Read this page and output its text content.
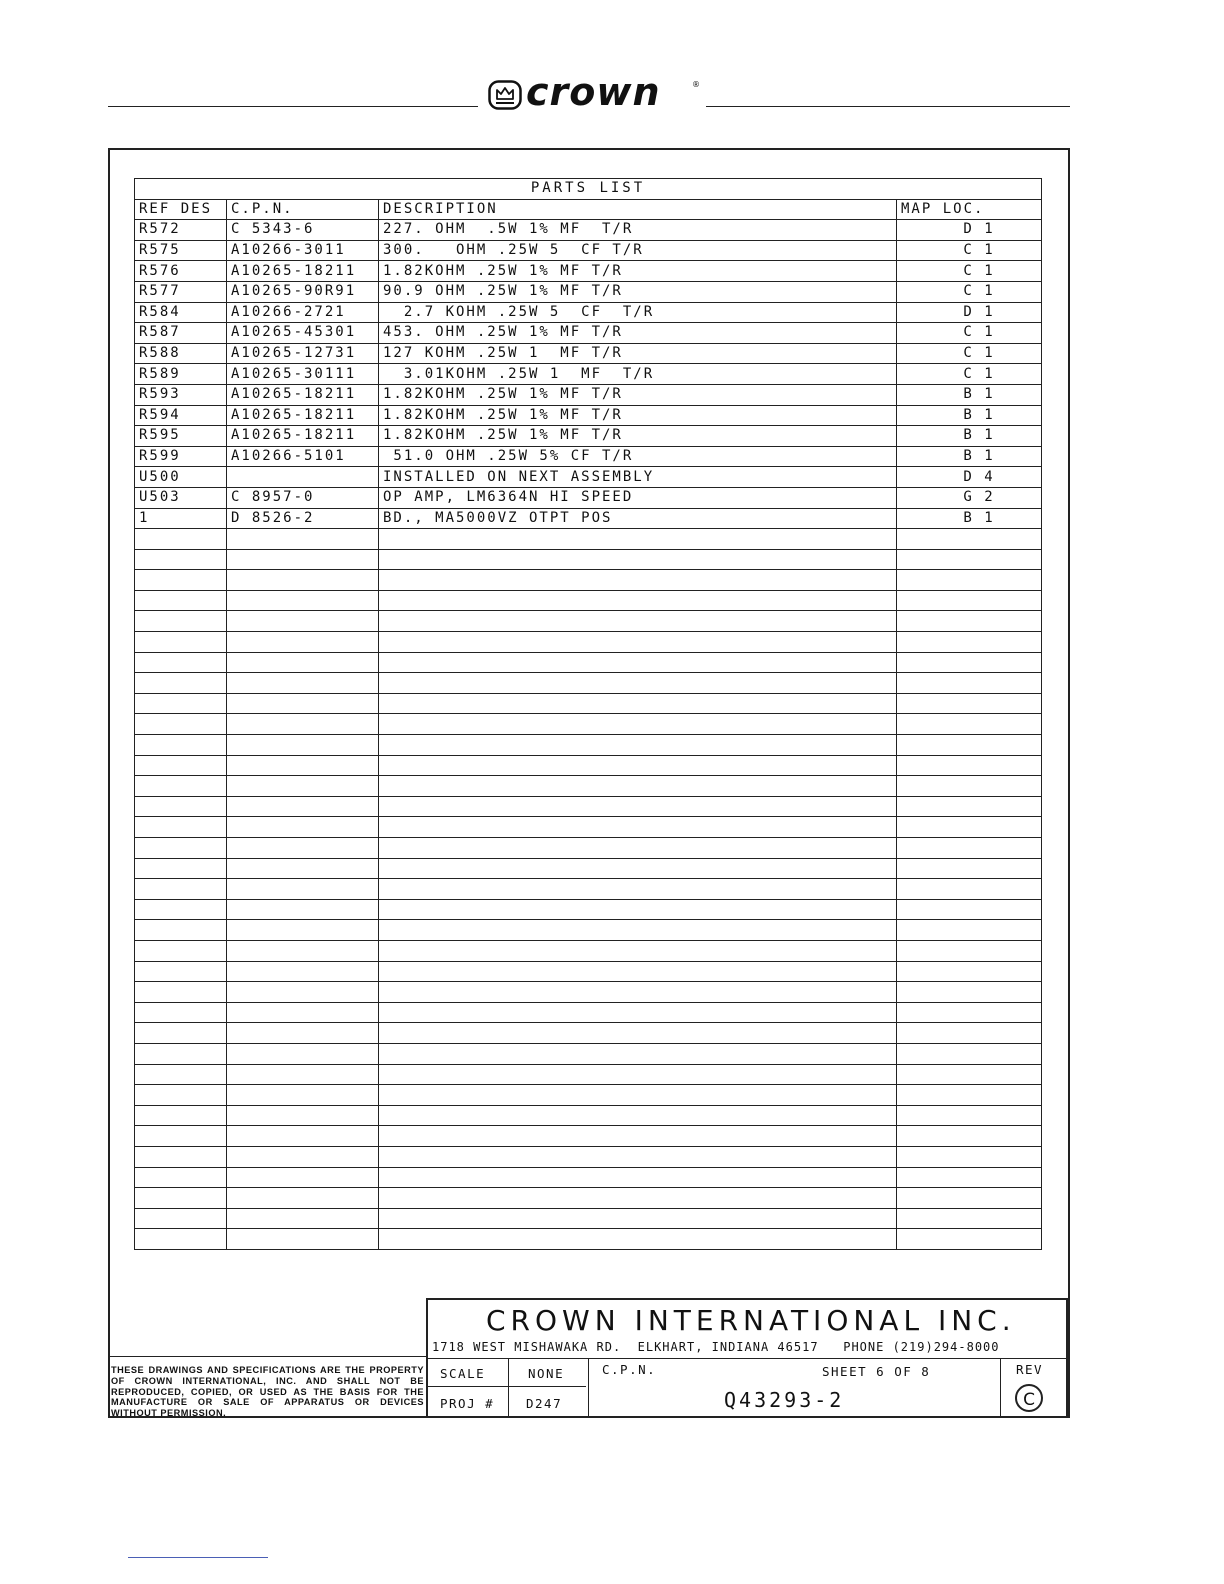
crown	®
PARTS LIST			
REF DES	C.P.N.	DESCRIPTION	MAP LOC.
R572	C 5343-6	227. OHM  .5W 1% MF  T/R	D 1
R575	A10266-3011	300.   OHM .25W 5  CF T/R	C 1
R576	A10265-18211	1.82KOHM .25W 1% MF T/R	C 1
R577	A10265-90R91	90.9 OHM .25W 1% MF T/R	C 1
R584	A10266-2721	2.7 KOHM .25W 5  CF  T/R	D 1
R587	A10265-45301	453. OHM .25W 1% MF T/R	C 1
R588	A10265-12731	127 KOHM .25W 1  MF T/R	C 1
R589	A10265-30111	3.01KOHM .25W 1  MF  T/R	C 1
R593	A10265-18211	1.82KOHM .25W 1% MF T/R	B 1
R594	A10265-18211	1.82KOHM .25W 1% MF T/R	B 1
R595	A10265-18211	1.82KOHM .25W 1% MF T/R	B 1
R599	A10266-5101	51.0 OHM .25W 5% CF T/R	B 1
U500		INSTALLED ON NEXT ASSEMBLY	D 4
U503	C 8957-0	OP AMP, LM6364N HI SPEED	G 2
1	D 8526-2	BD., MA5000VZ OTPT POS	B 1

CROWN INTERNATIONAL INC.
1718 WEST MISHAWAKA RD.  ELKHART, INDIANA 46517   PHONE (219)294-8000
SCALE	NONE	C.P.N.	SHEET 6 OF 8	REV
PROJ #	D247	Q43293-2	C
THESE DRAWINGS AND SPECIFICATIONS ARE THE PROPERTY OF CROWN INTERNATIONAL, INC. AND SHALL NOT BE REPRODUCED, COPIED, OR USED AS THE BASIS FOR THE MANUFACTURE OR SALE OF APPARATUS OR DEVICES WITHOUT PERMISSION.
